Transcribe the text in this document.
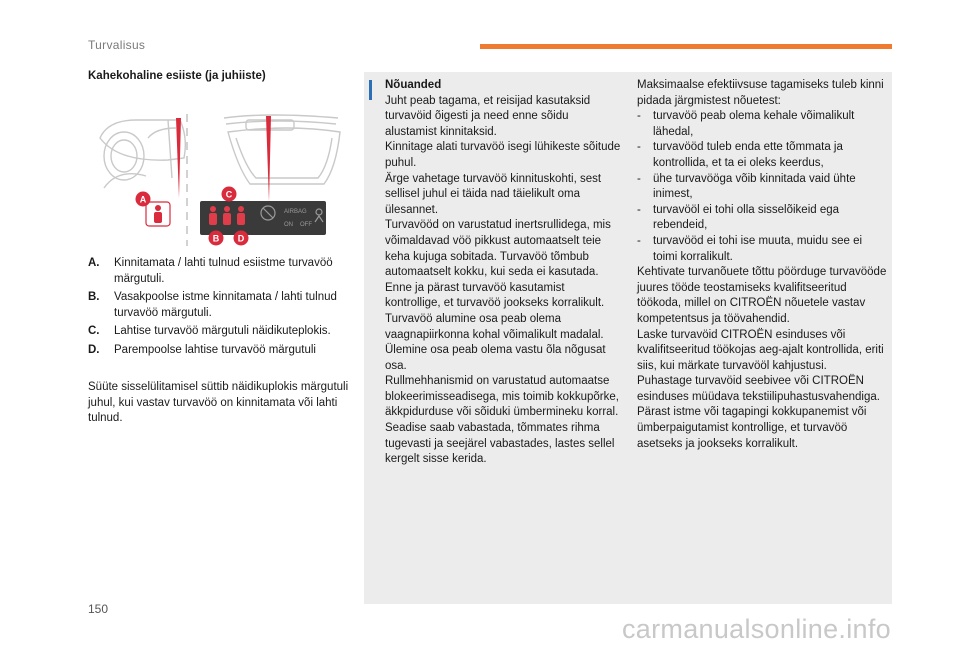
Turvalisus
Kahekohaline esiiste (ja juhiiste)
AIRBAG
ON OFF
A	C
B D
A.	Kinnitamata / lahti tulnud esiistme turvavöö märgutuli.
B.	Vasakpoolse istme kinnitamata / lahti tulnud turvavöö märgutuli.
C.	Lahtise turvavöö märgutuli näidikuteplokis.
D.	Parempoolse lahtise turvavöö märgutuli
Süüte sisselülitamisel süttib näidikuplokis märgutuli juhul, kui vastav turvavöö on kinnitamata või lahti tulnud.
Nõuanded
Juht peab tagama, et reisijad kasutaksid turvavöid õigesti ja need enne sõidu alustamist kinnitaksid.
Kinnitage alati turvavöö isegi lühikeste sõitude puhul.
Ärge vahetage turvavöö kinnituskohti, sest sellisel juhul ei täida nad täielikult oma ülesannet.
Turvavööd on varustatud inertsrullidega, mis võimaldavad vöö pikkust automaatselt teie keha kujuga sobitada. Turvavöö tõmbub automaatselt kokku, kui seda ei kasutada.
Enne ja pärast turvavöö kasutamist kontrollige, et turvavöö jookseks korralikult.
Turvavöö alumine osa peab olema vaagnapiirkonna kohal võimalikult madalal.
Ülemine osa peab olema vastu õla nõgusat osa.
Rullmehhanismid on varustatud automaatse blokeerimisseadisega, mis toimib kokkupõrke, äkkpidurduse või sõiduki ümbermineku korral. Seadise saab vabastada, tõmmates rihma tugevasti ja seejärel vabastades, lastes sellel kergelt sisse kerida.
Maksimaalse efektiivsuse tagamiseks tuleb kinni pidada järgmistest nõuetest:
-	turvavöö peab olema kehale võimalikult lähedal,
-	turvavööd tuleb enda ette tõmmata ja kontrollida, et ta ei oleks keerdus,
-	ühe turvavööga võib kinnitada vaid ühte inimest,
-	turvavööl ei tohi olla sisselõikeid ega rebendeid,
-	turvavööd ei tohi ise muuta, muidu see ei toimi korralikult.
Kehtivate turvanõuete tõttu pöörduge turvavööde juures tööde teostamiseks kvalifitseeritud töökoda, millel on CITROËN nõuetele vastav kompetentsus ja töövahendid.
Laske turvavöid CITROËN esinduses või kvalifitseeritud töökojas aeg-ajalt kontrollida, eriti siis, kui märkate turvavööl kahjustusi.
Puhastage turvavöid seebivee või CITROËN esinduses müüdava tekstiilipuhastusvahendiga.
Pärast istme või tagapingi kokkupanemist või ümberpaigutamist kontrollige, et turvavöö asetseks ja jookseks korralikult.
150
carmanualsonline.info
